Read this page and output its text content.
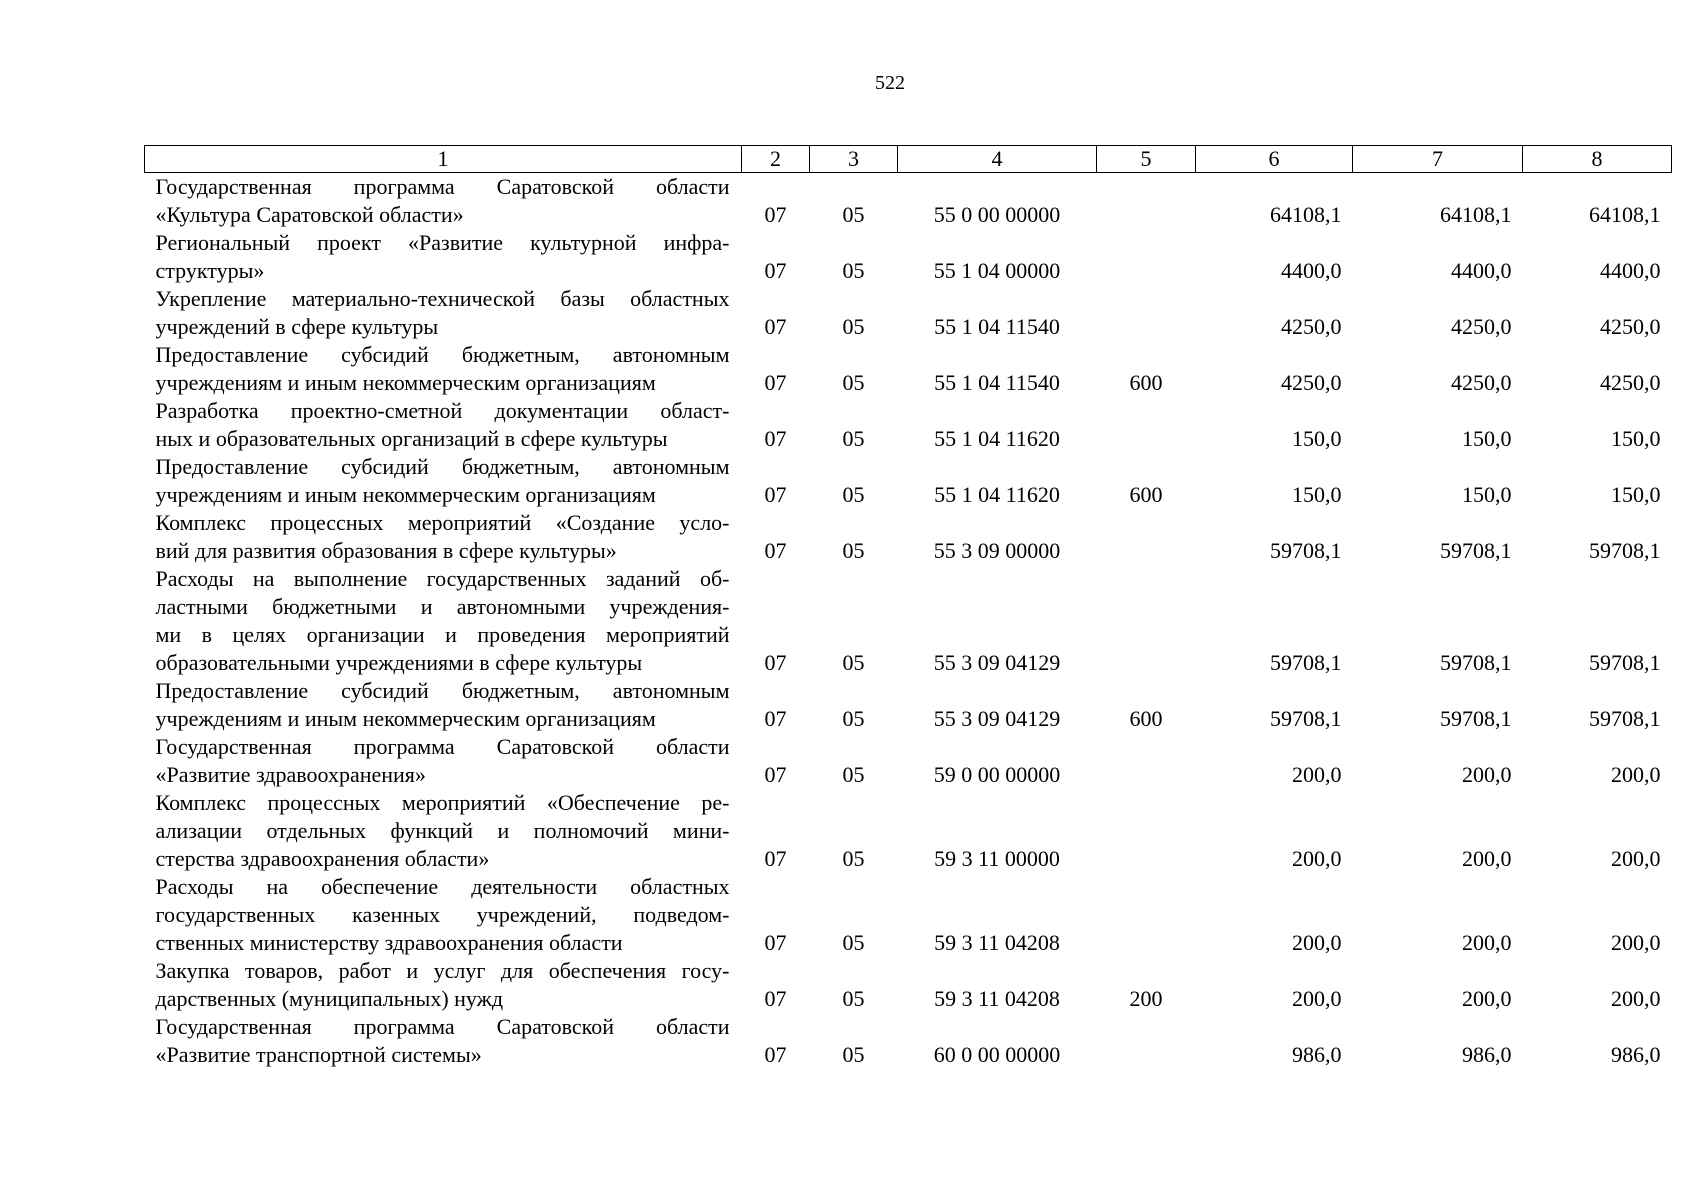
522
1	2	3	4	5	6	7	8

Государственная программа Саратовской области
«Культура Саратовской области»	07	05	55 0 00 00000		64108,1	64108,1	64108,1

Региональный проект «Развитие культурной инфра-
структуры»	07	05	55 1 04 00000		4400,0	4400,0	4400,0

Укрепление материально-технической базы областных
учреждений в сфере культуры	07	05	55 1 04 11540		4250,0	4250,0	4250,0

Предоставление субсидий бюджетным, автономным
учреждениям и иным некоммерческим организациям	07	05	55 1 04 11540	600	4250,0	4250,0	4250,0

Разработка проектно-сметной документации област-
ных и образовательных организаций в сфере культуры	07	05	55 1 04 11620		150,0	150,0	150,0

Предоставление субсидий бюджетным, автономным
учреждениям и иным некоммерческим организациям	07	05	55 1 04 11620	600	150,0	150,0	150,0

Комплекс процессных мероприятий «Создание усло-
вий для развития образования в сфере культуры»	07	05	55 3 09 00000		59708,1	59708,1	59708,1

Расходы на выполнение государственных заданий об-
ластными бюджетными и автономными учреждения-
ми в целях организации и проведения мероприятий
образовательными учреждениями в сфере культуры	07	05	55 3 09 04129		59708,1	59708,1	59708,1

Предоставление субсидий бюджетным, автономным
учреждениям и иным некоммерческим организациям	07	05	55 3 09 04129	600	59708,1	59708,1	59708,1

Государственная программа Саратовской области
«Развитие здравоохранения»	07	05	59 0 00 00000		200,0	200,0	200,0

Комплекс процессных мероприятий «Обеспечение ре-
ализации отдельных функций и полномочий мини-
стерства здравоохранения области»	07	05	59 3 11 00000		200,0	200,0	200,0

Расходы на обеспечение деятельности областных
государственных казенных учреждений, подведом-
ственных министерству здравоохранения области	07	05	59 3 11 04208		200,0	200,0	200,0

Закупка товаров, работ и услуг для обеспечения госу-
дарственных (муниципальных) нужд	07	05	59 3 11 04208	200	200,0	200,0	200,0

Государственная программа Саратовской области
«Развитие транспортной системы»	07	05	60 0 00 00000		986,0	986,0	986,0
